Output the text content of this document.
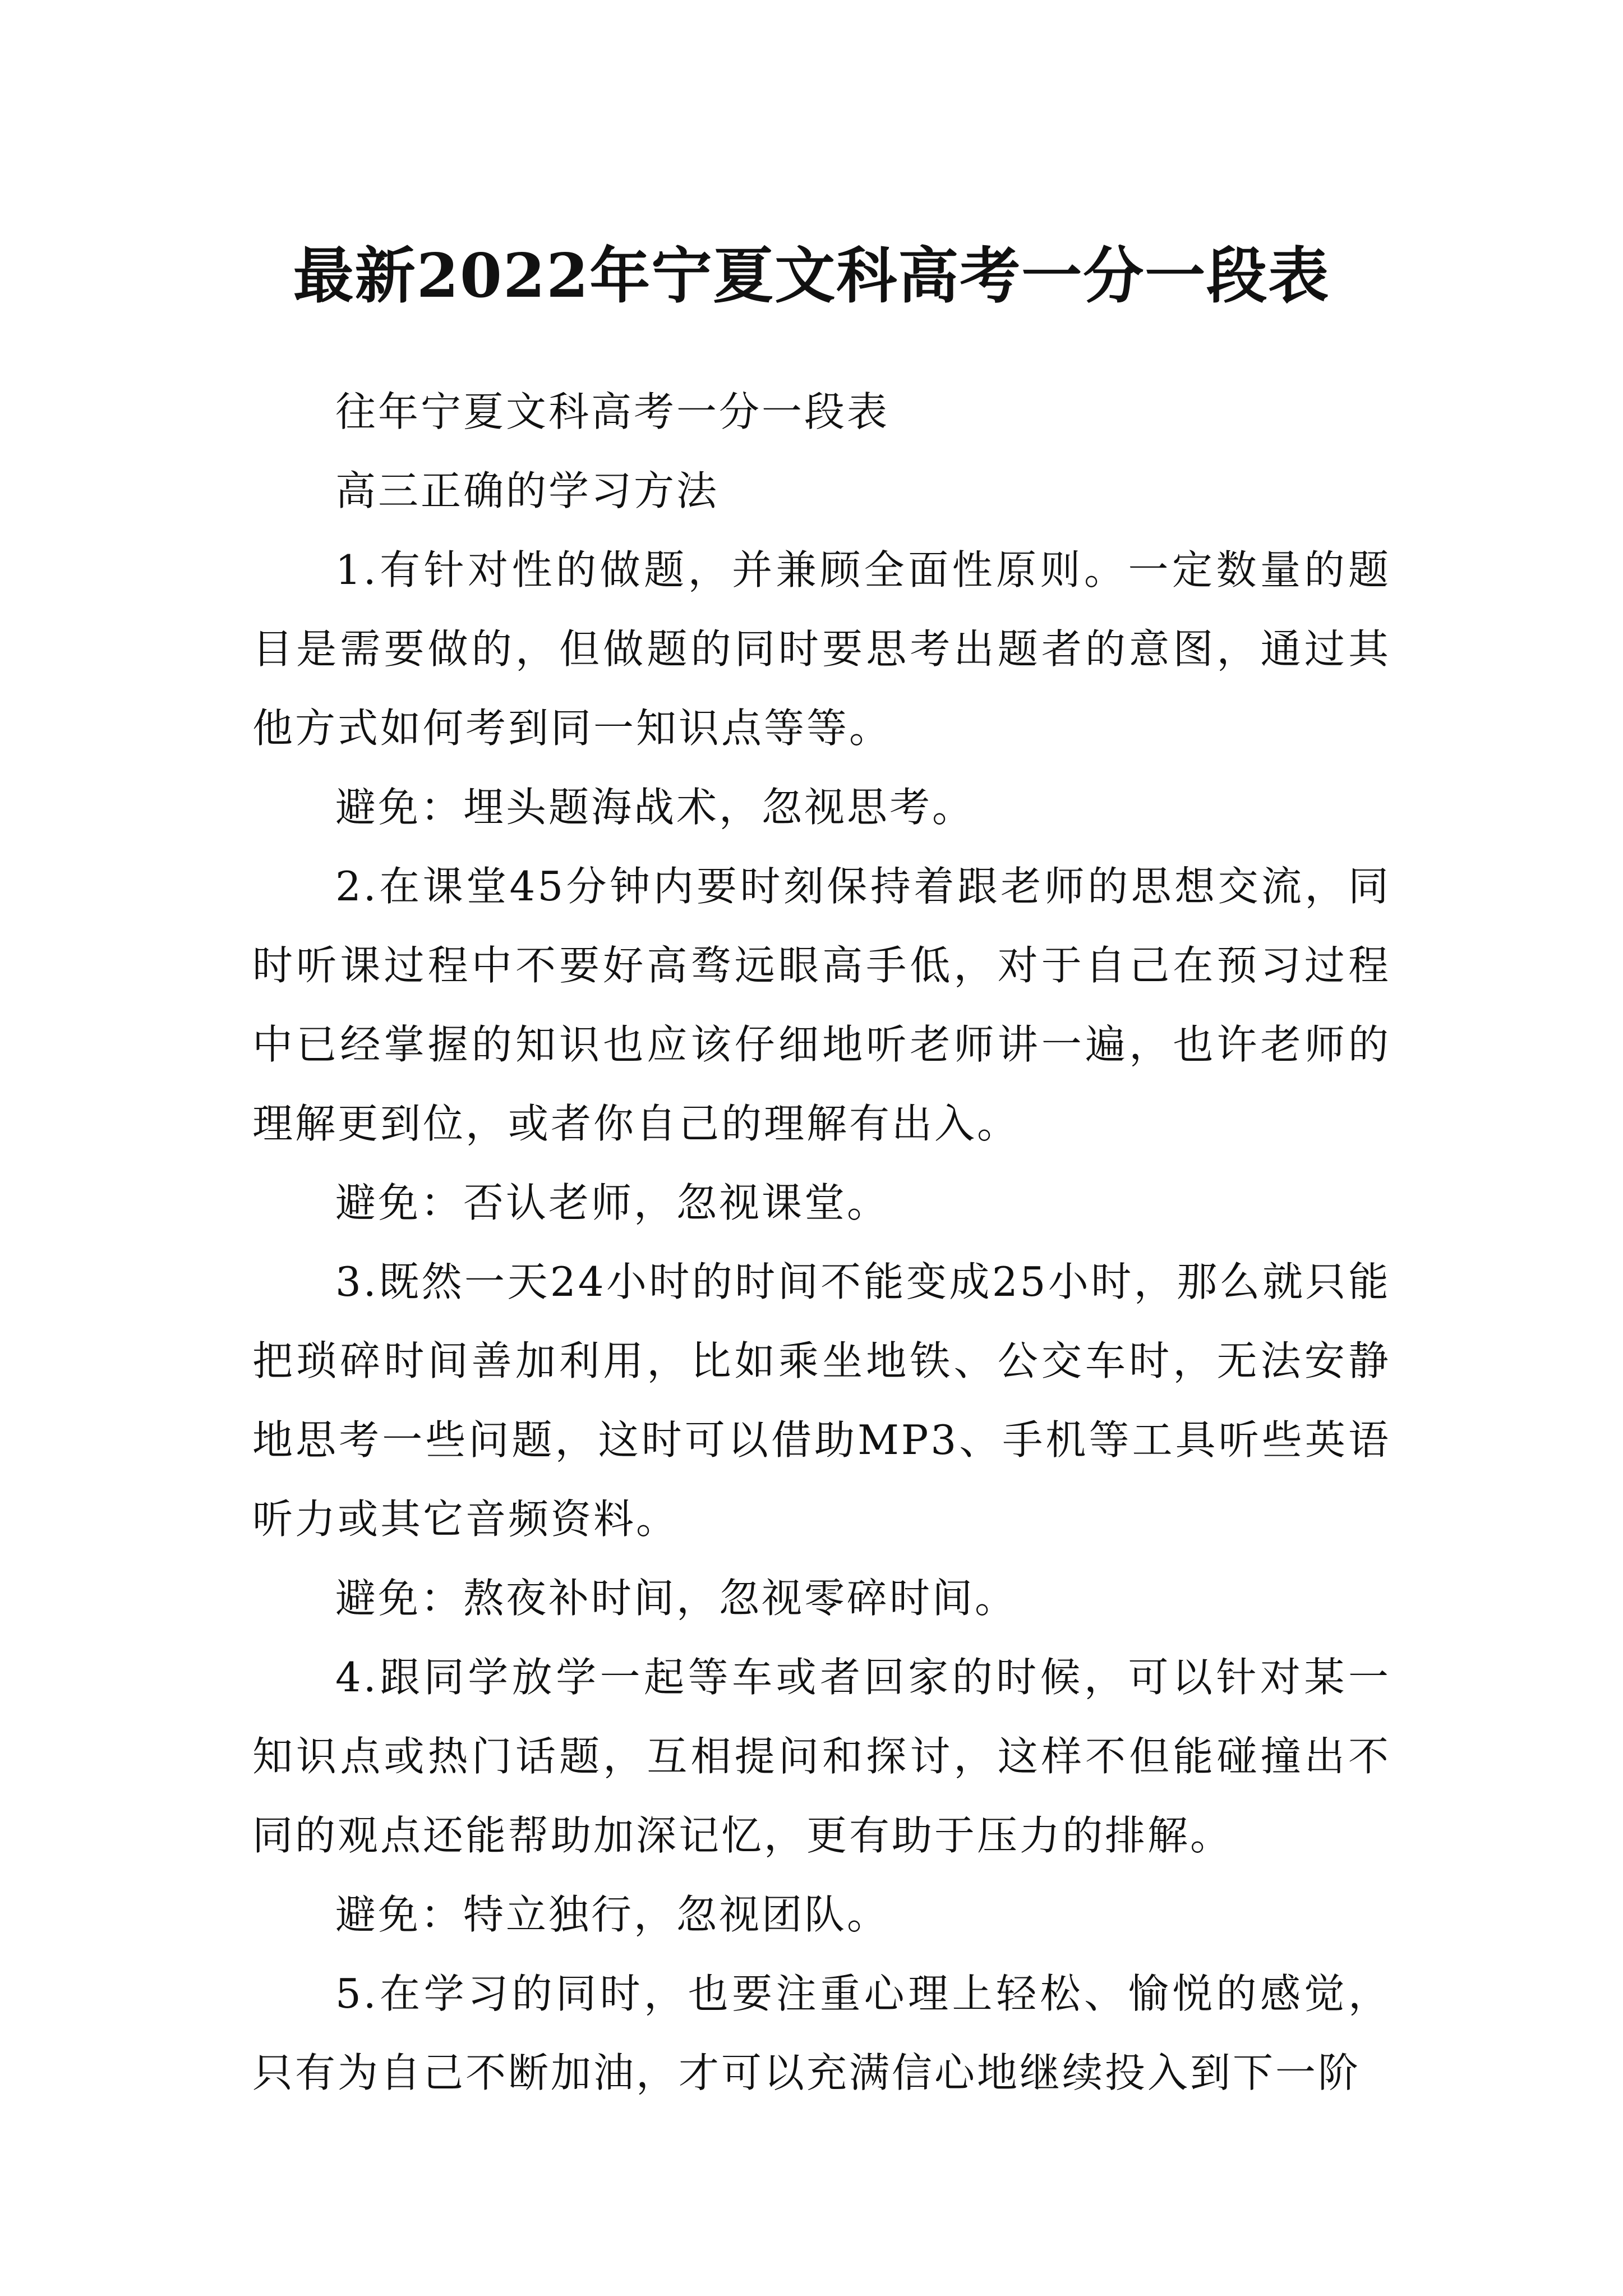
最新2022年宁夏文科高考一分一段表

往年宁夏文科高考一分一段表

高三正确的学习方法

1.有针对性的做题，并兼顾全面性原则。一定数量的题目是需要做的，但做题的同时要思考出题者的意图，通过其他方式如何考到同一知识点等等。

避免：埋头题海战术，忽视思考。

2.在课堂45分钟内要时刻保持着跟老师的思想交流，同时听课过程中不要好高骛远眼高手低，对于自己在预习过程中已经掌握的知识也应该仔细地听老师讲一遍，也许老师的理解更到位，或者你自己的理解有出入。

避免：否认老师，忽视课堂。

3.既然一天24小时的时间不能变成25小时，那么就只能把琐碎时间善加利用，比如乘坐地铁、公交车时，无法安静地思考一些问题，这时可以借助MP3、手机等工具听些英语听力或其它音频资料。

避免：熬夜补时间，忽视零碎时间。

4.跟同学放学一起等车或者回家的时候，可以针对某一知识点或热门话题，互相提问和探讨，这样不但能碰撞出不同的观点还能帮助加深记忆，更有助于压力的排解。

避免：特立独行，忽视团队。

5.在学习的同时，也要注重心理上轻松、愉悦的感觉，只有为自己不断加油，才可以充满信心地继续投入到下一阶
